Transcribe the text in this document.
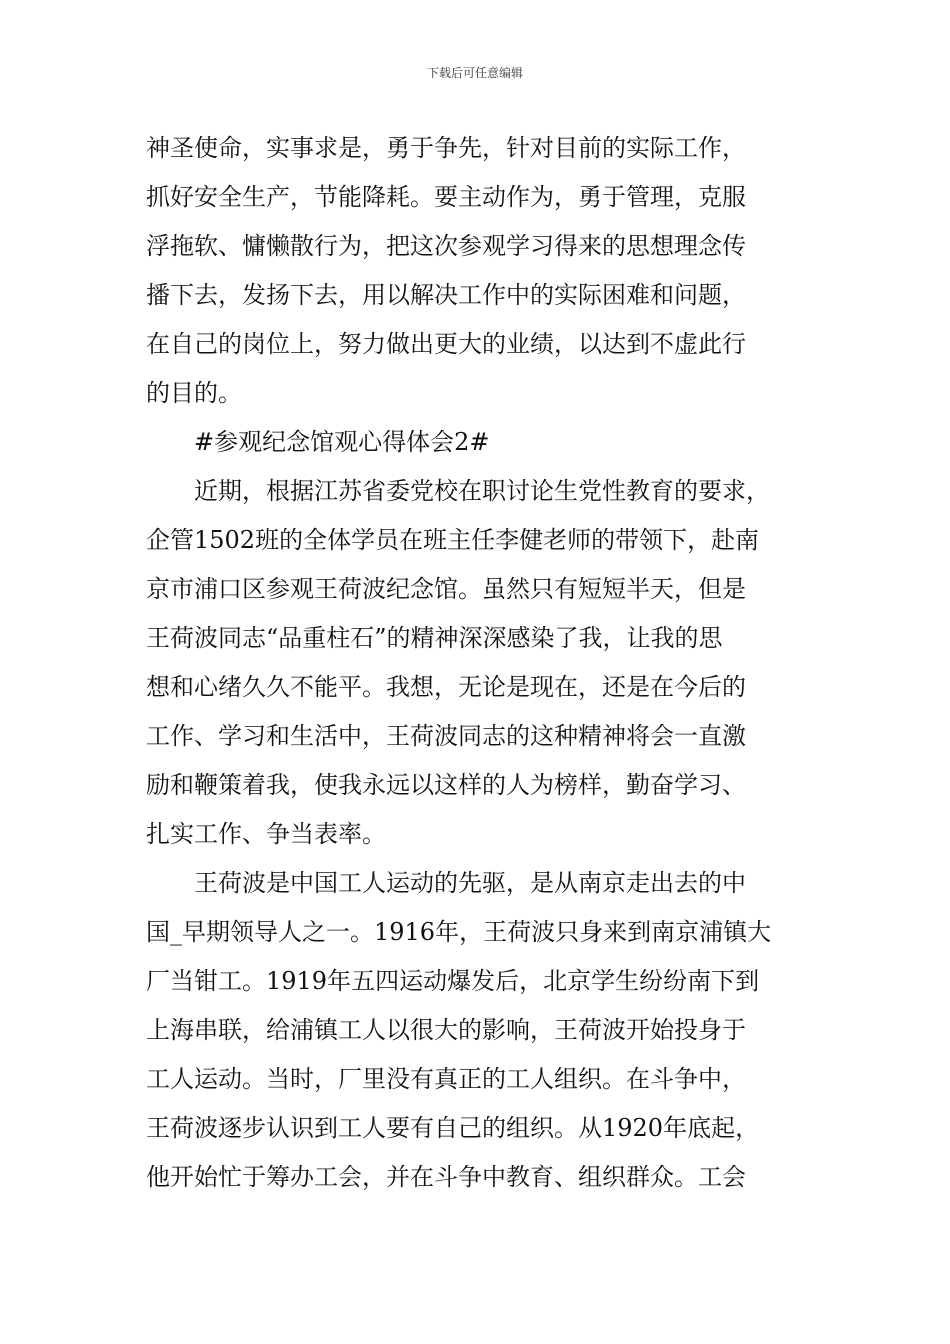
下载后可任意编辑
神圣使命，实事求是，勇于争先，针对目前的实际工作，
抓好安全生产，节能降耗。要主动作为，勇于管理，克服
浮拖软、慵懒散行为，把这次参观学习得来的思想理念传
播下去，发扬下去，用以解决工作中的实际困难和问题，
在自己的岗位上，努力做出更大的业绩，以达到不虚此行
的目的。
#参观纪念馆观心得体会2#
近期，根据江苏省委党校在职讨论生党性教育的要求，
企管1502班的全体学员在班主任李健老师的带领下，赴南
京市浦口区参观王荷波纪念馆。虽然只有短短半天，但是
王荷波同志“品重柱石”的精神深深感染了我，让我的思
想和心绪久久不能平。我想，无论是现在，还是在今后的
工作、学习和生活中，王荷波同志的这种精神将会一直激
励和鞭策着我，使我永远以这样的人为榜样，勤奋学习、
扎实工作、争当表率。
王荷波是中国工人运动的先驱，是从南京走出去的中
国_早期领导人之一。1916年，王荷波只身来到南京浦镇大
厂当钳工。1919年五四运动爆发后，北京学生纷纷南下到
上海串联，给浦镇工人以很大的影响，王荷波开始投身于
工人运动。当时，厂里没有真正的工人组织。在斗争中，
王荷波逐步认识到工人要有自己的组织。从1920年底起，
他开始忙于筹办工会，并在斗争中教育、组织群众。工会
